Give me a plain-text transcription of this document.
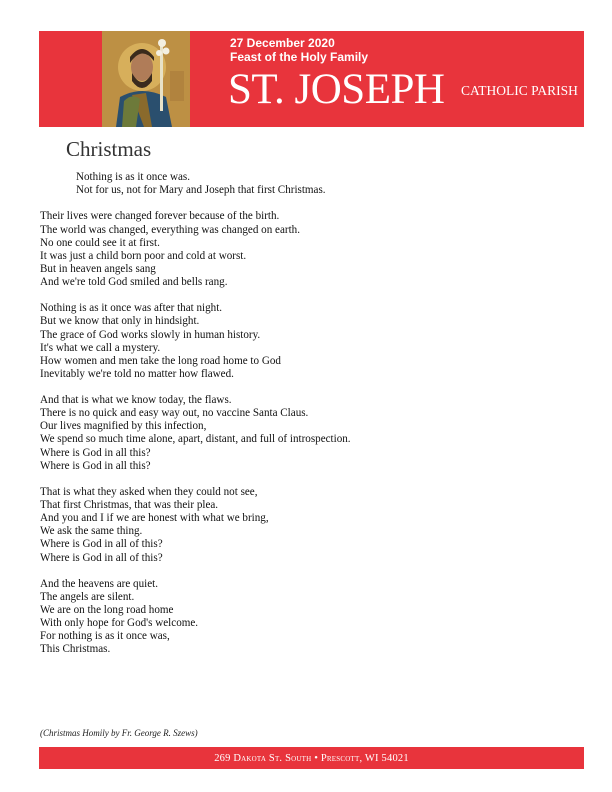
27 December 2020
Feast of the Holy Family
ST. JOSEPH CATHOLIC PARISH
Christmas
Nothing is as it once was.
Not for us, not for Mary and Joseph that first Christmas.
Their lives were changed forever because of the birth.
The world was changed, everything was changed on earth.
No one could see it at first.
It was just a child born poor and cold at worst.
But in heaven angels sang
And we're told God smiled and bells rang.
Nothing is as it once was after that night.
But we know that only in hindsight.
The grace of God works slowly in human history.
It's what we call a mystery.
How women and men take the long road home to God
Inevitably we're told no matter how flawed.
And that is what we know today, the flaws.
There is no quick and easy way out, no vaccine Santa Claus.
Our lives magnified by this infection,
We spend so much time alone, apart, distant, and full of introspection.
Where is God in all this?
Where is God in all this?
That is what they asked when they could not see,
That first Christmas, that was their plea.
And you and I if we are honest with what we bring,
We ask the same thing.
Where is God in all of this?
Where is God in all of this?
And the heavens are quiet.
The angels are silent.
We are on the long road home
With only hope for God's welcome.
For nothing is as it once was,
This Christmas.
(Christmas Homily by Fr. George R. Szews)
269 Dakota St. South • Prescott, WI 54021
